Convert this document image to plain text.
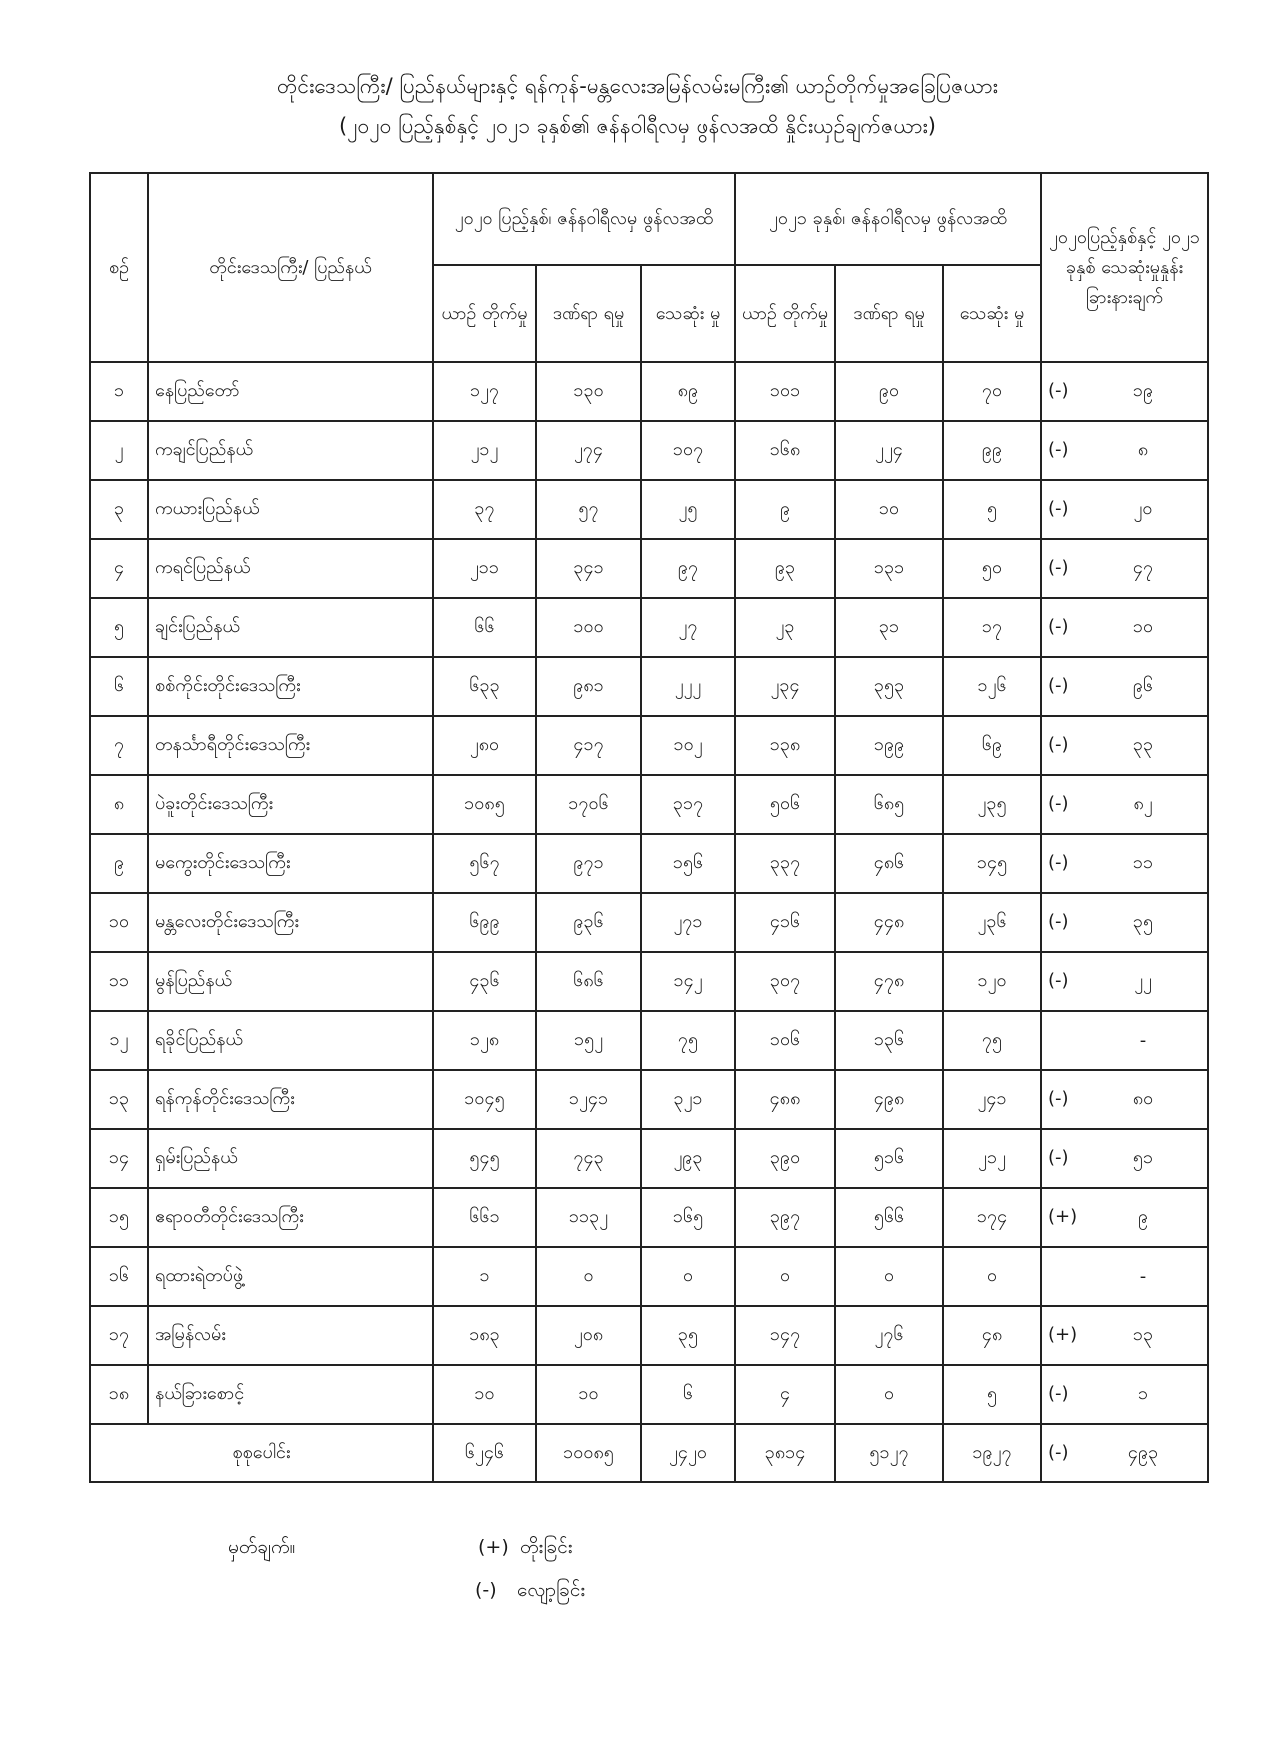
တိုင်းဒေသကြီး/ ပြည်နယ်များနှင့် ရန်ကုန်-မန္တလေးအမြန်လမ်းမကြီး၏ ယာဉ်တိုက်မှုအခြေပြဇယား
(၂၀၂၀ ပြည့်နှစ်နှင့် ၂၀၂၁ ခုနှစ်၏ ဇန်နဝါရီလမှ ဖွန်လအထိ နှိုင်းယှဉ်ချက်ဇယား)
စဉ်	တိုင်းဒေသကြီး/ ပြည်နယ်	၂၀၂၀ ပြည့်နှစ်၊ ဇန်နဝါရီလမှ ဖွန်လအထိ			၂၀၂၁ ခုနှစ်၊ ဇန်နဝါရီလမှ ဖွန်လအထိ			၂၀၂၀ပြည့်နှစ်နှင့် ၂၀၂၁ ခုနှစ် သေဆုံးမှုနှုန်း ခြားနားချက်
		ယာဉ် တိုက်မှု	ဒဏ်ရာ ရမှု	သေဆုံး မှု	ယာဉ် တိုက်မှု	ဒဏ်ရာ ရမှု	သေဆုံး မှု	
၁	နေပြည်တော်	၁၂၇	၁၃၀	၈၉	၁၀၁	၉၀	၇၀	(-) ၁၉
၂	ကချင်ပြည်နယ်	၂၁၂	၂၇၄	၁၀၇	၁၆၈	၂၂၄	၉၉	(-) ၈
၃	ကယားပြည်နယ်	၃၇	၅၇	၂၅	၉	၁၀	၅	(-) ၂၀
၄	ကရင်ပြည်နယ်	၂၁၁	၃၄၁	၉၇	၉၃	၁၃၁	၅၀	(-) ၄၇
၅	ချင်းပြည်နယ်	၆၆	၁၀၀	၂၇	၂၃	၃၁	၁၇	(-) ၁၀
၆	စစ်ကိုင်းတိုင်းဒေသကြီး	၆၃၃	၉၈၁	၂၂၂	၂၃၄	၃၅၃	၁၂၆	(-) ၉၆
၇	တနင်္သာရီတိုင်းဒေသကြီး	၂၈၀	၄၁၇	၁၀၂	၁၃၈	၁၉၉	၆၉	(-) ၃၃
၈	ပဲခူးတိုင်းဒေသကြီး	၁၀၈၅	၁၇၀၆	၃၁၇	၅၀၆	၆၈၅	၂၃၅	(-) ၈၂
၉	မကွေးတိုင်းဒေသကြီး	၅၆၇	၉၇၁	၁၅၆	၃၃၇	၄၈၆	၁၄၅	(-) ၁၁
၁၀	မန္တလေးတိုင်းဒေသကြီး	၆၉၉	၉၃၆	၂၇၁	၄၁၆	၄၄၈	၂၃၆	(-) ၃၅
၁၁	မွန်ပြည်နယ်	၄၃၆	၆၈၆	၁၄၂	၃၀၇	၄၇၈	၁၂၀	(-) ၂၂
၁၂	ရခိုင်ပြည်နယ်	၁၂၈	၁၅၂	၇၅	၁၀၆	၁၃၆	၇၅	-
၁၃	ရန်ကုန်တိုင်းဒေသကြီး	၁၀၄၅	၁၂၄၁	၃၂၁	၄၈၈	၄၉၈	၂၄၁	(-) ၈၀
၁၄	ရှမ်းပြည်နယ်	၅၄၅	၇၄၃	၂၉၃	၃၉၀	၅၁၆	၂၁၂	(-) ၅၁
၁၅	ဧရာဝတီတိုင်းဒေသကြီး	၆၆၁	၁၁၃၂	၁၆၅	၃၉၇	၅၆၆	၁၇၄	(+) ၉
၁၆	ရထားရဲတပ်ဖွဲ့	၁	၀	၀	၀	၀	၀	-
၁၇	အမြန်လမ်း	၁၈၃	၂၀၈	၃၅	၁၄၇	၂၇၆	၄၈	(+) ၁၃
၁၈	နယ်ခြားစောင့်	၁၀	၁၀	၆	၄	၀	၅	(-) ၁
စုစုပေါင်း		၆၂၄၆	၁၀၀၈၅	၂၄၂၀	၃၈၁၄	၅၁၂၇	၁၉၂၇	(-) ၄၉၃
မှတ်ချက်။	(+) တိုးခြင်း
(-) လျော့ခြင်း
